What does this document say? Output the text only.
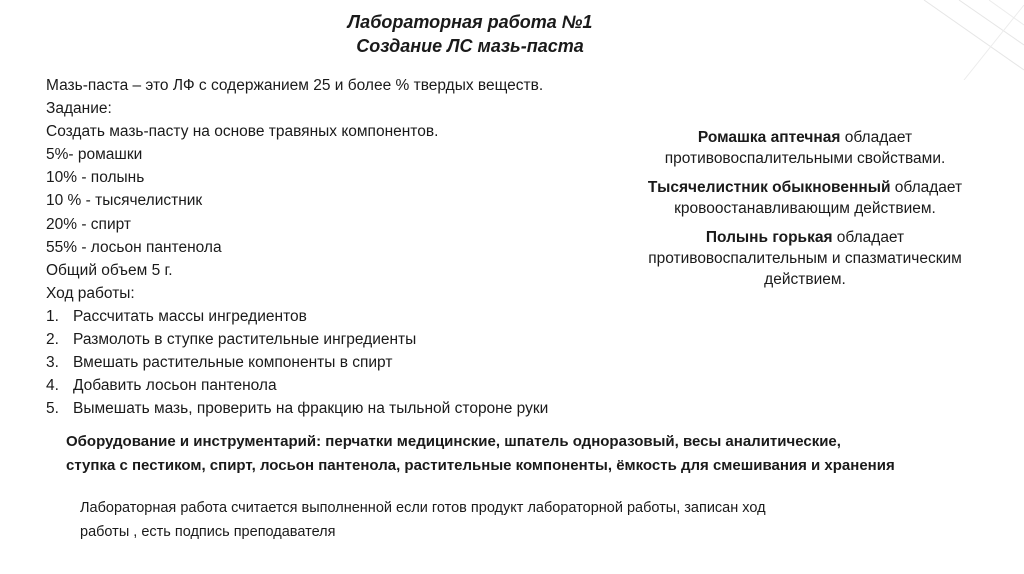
Лабораторная работа №1
Создание ЛС мазь-паста
Мазь-паста – это ЛФ с содержанием 25 и более % твердых веществ.
Задание:
Создать мазь-пасту на основе травяных компонентов.
5%- ромашки
10% - полынь
10 % - тысячелистник
20% - спирт
55% - лосьон пантенола
Общий объем 5 г.
Ход работы:
1. Рассчитать массы ингредиентов
2. Размолоть в ступке растительные ингредиенты
3. Вмешать растительные компоненты в спирт
4. Добавить лосьон пантенола
5. Вымешать мазь, проверить на фракцию на тыльной стороне руки
Ромашка аптечная обладает
противовоспалительными свойствами.
Тысячелистник обыкновенный обладает
кровоостанавливающим действием.
Полынь горькая обладает
противовоспалительным и спазматическим
действием.
Оборудование и инструментарий: перчатки медицинские, шпатель одноразовый, весы аналитические,
ступка с пестиком, спирт, лосьон пантенола, растительные компоненты, ёмкость для смешивания и хранения
Лабораторная работа считается выполненной если готов продукт лабораторной работы, записан ход
работы , есть подпись преподавателя
